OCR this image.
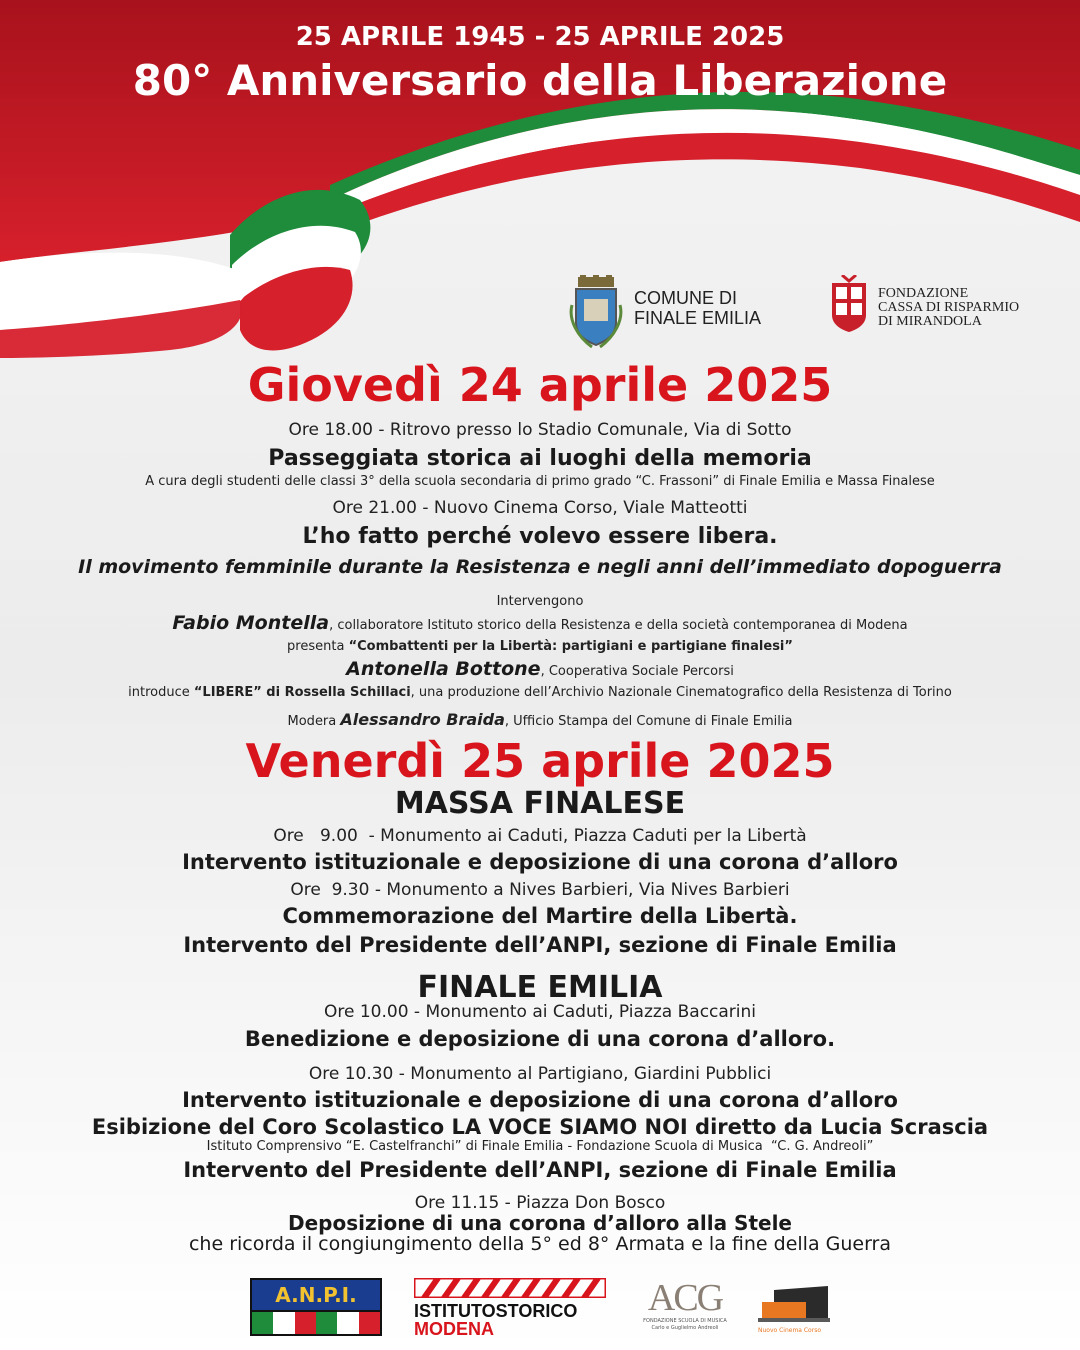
25 APRILE 1945 - 25 APRILE 2025
80° Anniversario della Liberazione
COMUNE DI
FINALE EMILIA
FONDAZIONE
CASSA DI RISPARMIO
DI MIRANDOLA
Giovedì 24 aprile 2025
Ore 18.00 - Ritrovo presso lo Stadio Comunale, Via di Sotto
Passeggiata storica ai luoghi della memoria
A cura degli studenti delle classi 3° della scuola secondaria di primo grado “C. Frassoni” di Finale Emilia e Massa Finalese
Ore 21.00 - Nuovo Cinema Corso, Viale Matteotti
L’ho fatto perché volevo essere libera.
Il movimento femminile durante la Resistenza e negli anni dell’immediato dopoguerra
Intervengono
Fabio Montella, collaboratore Istituto storico della Resistenza e della società contemporanea di Modena
presenta “Combattenti per la Libertà: partigiani e partigiane finalesi”
Antonella Bottone, Cooperativa Sociale Percorsi
introduce “LIBERE” di Rossella Schillaci, una produzione dell’Archivio Nazionale Cinematografico della Resistenza di Torino
Modera Alessandro Braida, Ufficio Stampa del Comune di Finale Emilia
Venerdì 25 aprile 2025
MASSA FINALESE
Ore   9.00  - Monumento ai Caduti, Piazza Caduti per la Libertà
Intervento istituzionale e deposizione di una corona d’alloro
Ore  9.30 - Monumento a Nives Barbieri, Via Nives Barbieri
Commemorazione del Martire della Libertà.
Intervento del Presidente dell’ANPI, sezione di Finale Emilia
FINALE EMILIA
Ore 10.00 - Monumento ai Caduti, Piazza Baccarini
Benedizione e deposizione di una corona d’alloro.
Ore 10.30 - Monumento al Partigiano, Giardini Pubblici
Intervento istituzionale e deposizione di una corona d’alloro
Esibizione del Coro Scolastico LA VOCE SIAMO NOI diretto da Lucia Scrascia
Istituto Comprensivo “E. Castelfranchi” di Finale Emilia - Fondazione Scuola di Musica  “C. G. Andreoli”
Intervento del Presidente dell’ANPI, sezione di Finale Emilia
Ore 11.15 - Piazza Don Bosco
Deposizione di una corona d’alloro alla Stele
che ricorda il congiungimento della 5° ed 8° Armata e la fine della Guerra
A.N.P.I.
ISTITUTOSTORICO
MODENA
ACG
FONDAZIONE SCUOLA DI MUSICA
Carlo e Guglielmo Andreoli	Nuovo Cinema Corso
